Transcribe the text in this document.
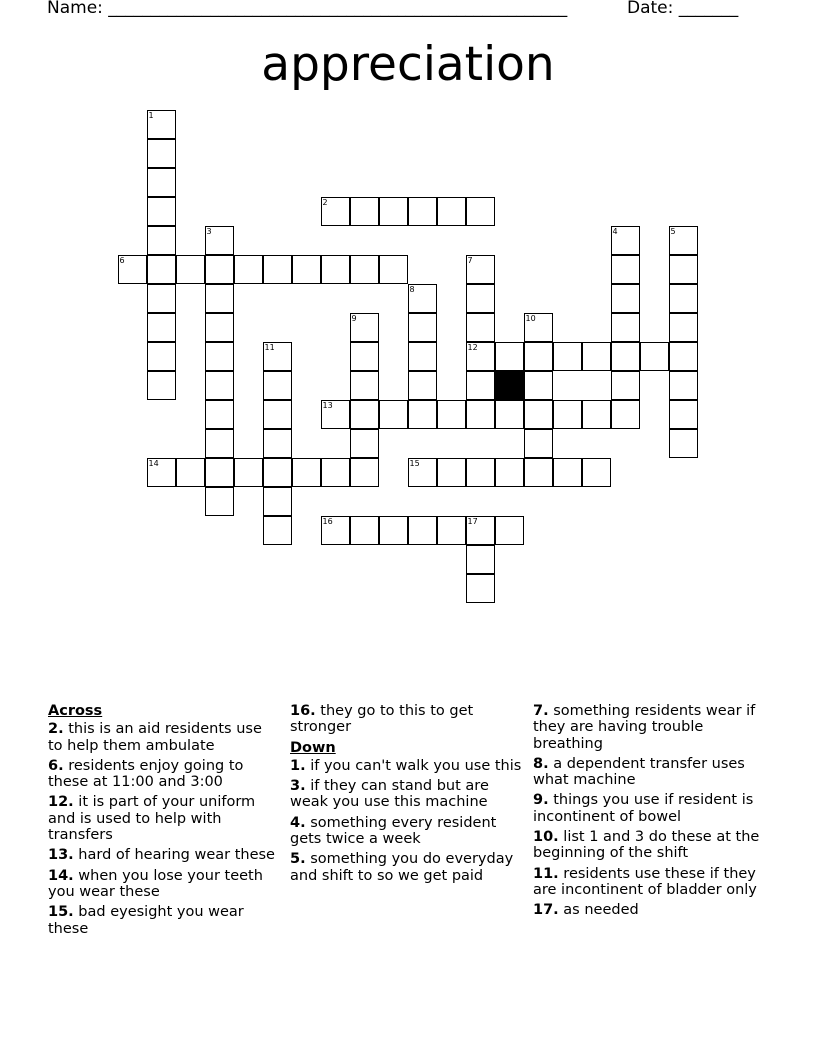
Name: ______________________________________________________	Date: _______
appreciation
1
2
3	4	5
6	7
8
9	10
11	12
13
14	15
16	17
Across
2. this is an aid residents use to help them ambulate
6. residents enjoy going to these at 11:00 and 3:00
12. it is part of your uniform and is used to help with transfers
13. hard of hearing wear these
14. when you lose your teeth you wear these
15. bad eyesight you wear these
16. they go to this to get stronger
Down
1. if you can't walk you use this
3. if they can stand but are weak you use this machine
4. something every resident gets twice a week
5. something you do everyday and shift to so we get paid
7. something residents wear if they are having trouble breathing
8. a dependent transfer uses what machine
9. things you use if resident is incontinent of bowel
10. list 1 and 3 do these at the beginning of the shift
11. residents use these if they are incontinent of bladder only
17. as needed
